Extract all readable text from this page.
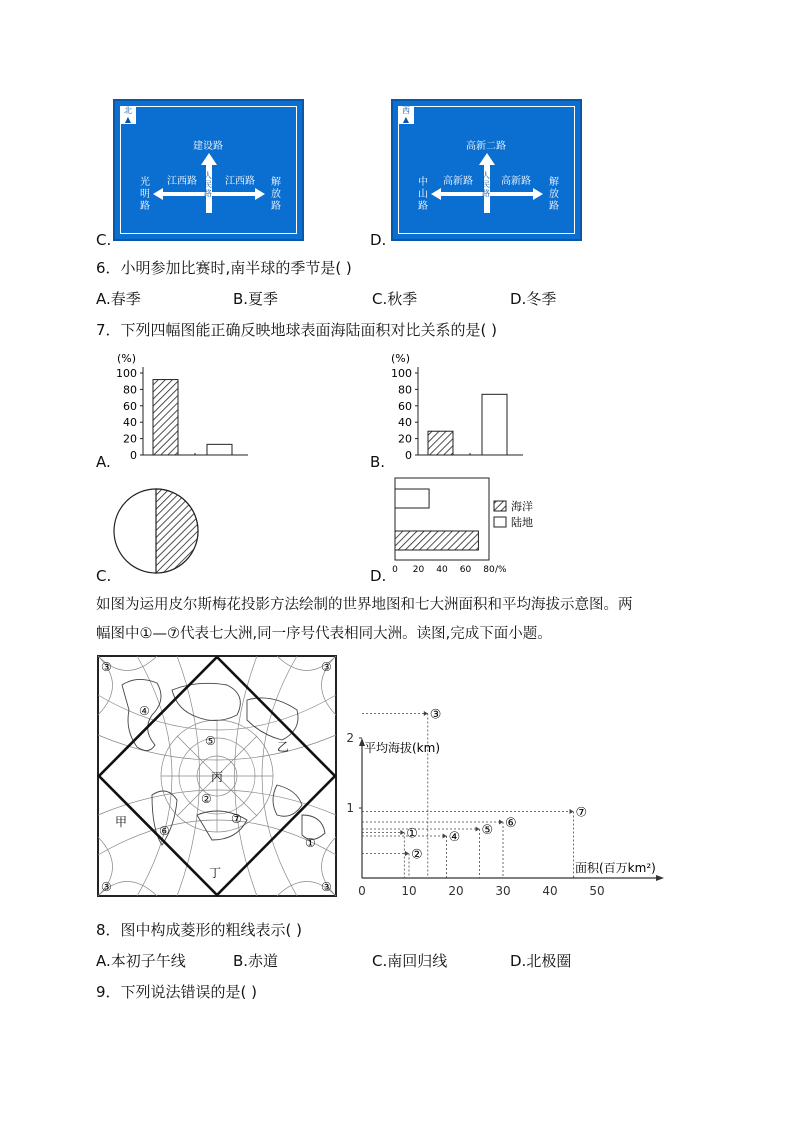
C.
北
▲
建设路
江西路	江西路
光明路
解放路
人民路
D.
西
▲
高新二路
高新路	高新路
中山路
解放路
人民路
6．小明参加比赛时,南半球的季节是( )
A.春季	B.夏季	C.秋季	D.冬季
7．下列四幅图能正确反映地球表面海陆面积对比关系的是( )
(%)
0
20
40
60
80
100
(%)
0
20
40
60
80
100
0 20 40 60 80 /%
海洋
陆地
A.	B.
C.	D.
如图为运用皮尔斯梅花投影方法绘制的世界地图和七大洲面积和平均海拔示意图。两
幅图中①—⑦代表七大洲,同一序号代表相同大洲。读图,完成下面小题。
④
⑤
丙
乙
②
⑦
⑥
甲
①
丁
③	③
③	③
平均海拔(km)
面积(百万km²)
0	10	20	30	40	50
1
2
①
②
③
④ ⑤ ⑥
⑦
8．图中构成菱形的粗线表示( )
A.本初子午线	B.赤道	C.南回归线	D.北极圈
9．下列说法错误的是( )
